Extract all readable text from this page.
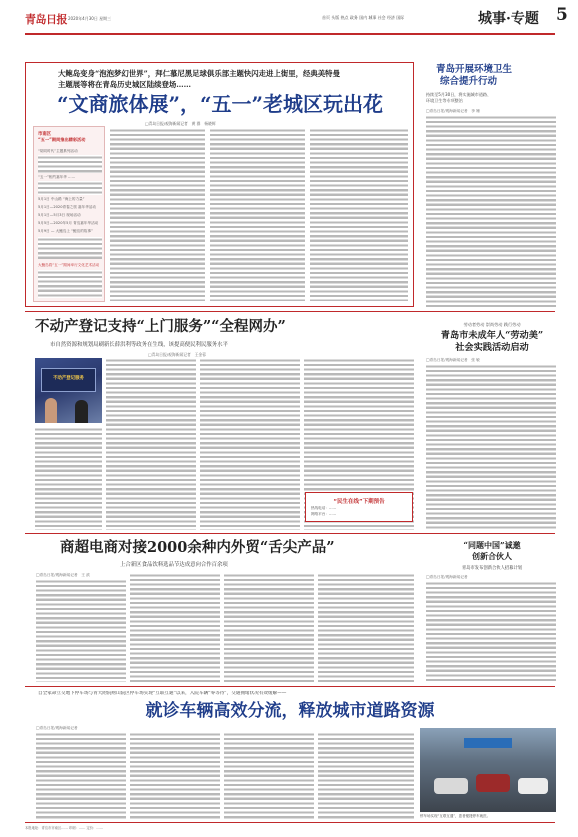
青岛日报 2020年4月30日 星期三	首页 头版 热点 政务 国内 城事 社会 经济 国际	城事·专题 5
大鲍岛变身“泡泡梦幻世界”，拜仁慕尼黑足球俱乐部主题快闪走进上街里，经典美特曼
主题展等将在青岛历史城区陆续登场……
“文商旅体展”，“五一”老城区玩出花
□青岛日报/观海新闻记者　黄 群　杨晓辉
市南区
“五一”期间推出精彩活动
“胡同时代”主题系列活动
“五一”相约嘉年华 ……
5月1日 中山路 “海上的力量”
5月1日—2020青春之旅 嘉年华活动
5月1日—5月3日 现场活动
5月5日—2020年5月 青岛嘉年华活动
5月9日 — 大鲍岛上 “鲍岛的故事”
大鲍岛将“五一”期间举行文化艺术活动
青岛开展环境卫生
综合提升行动
持续至5月30日，将实施城市道路、
环境卫生等专项整治
□青岛日报/观海新闻记者　李 姗
不动产登记支持“上门服务”“全程网办”
市自然资源和规划局刷新长薛洪利等政务在生线，该提高便民利民服务水平
□青岛日报/观海新闻记者　王金蓉
不动产登记服务
劳动者劳动 崇尚劳动 践行劳动
青岛市未成年人“劳动美”
社会实践活动启动
□青岛日报/观海新闻记者　张 敏
“民生在线”下期预告
热线电话：……
网络平台：……
商超电商对接2000余种内外贸“舌尖产品”
上合新区食品饮料选品节达成意向合作百余项
□青岛日报/观海新闻记者　王 滨
“同题中国”诚邀
创新合伙人
青岛市发布创新合伙人招募计划
□青岛日报/观海新闻记者
自全家命立交地下停车场与青大附院崂山院区停车场实现“互联互通”以来，入院车辆“零等待”，交通拥堵状况有效缓解——
就诊车辆高效分流，释放城市道路资源
□青岛日报/观海新闻记者
停车场实现“互联互通”，患者便捷停车就医。
本报地址：青岛市市南区…… 印刷：…… 定价：……
